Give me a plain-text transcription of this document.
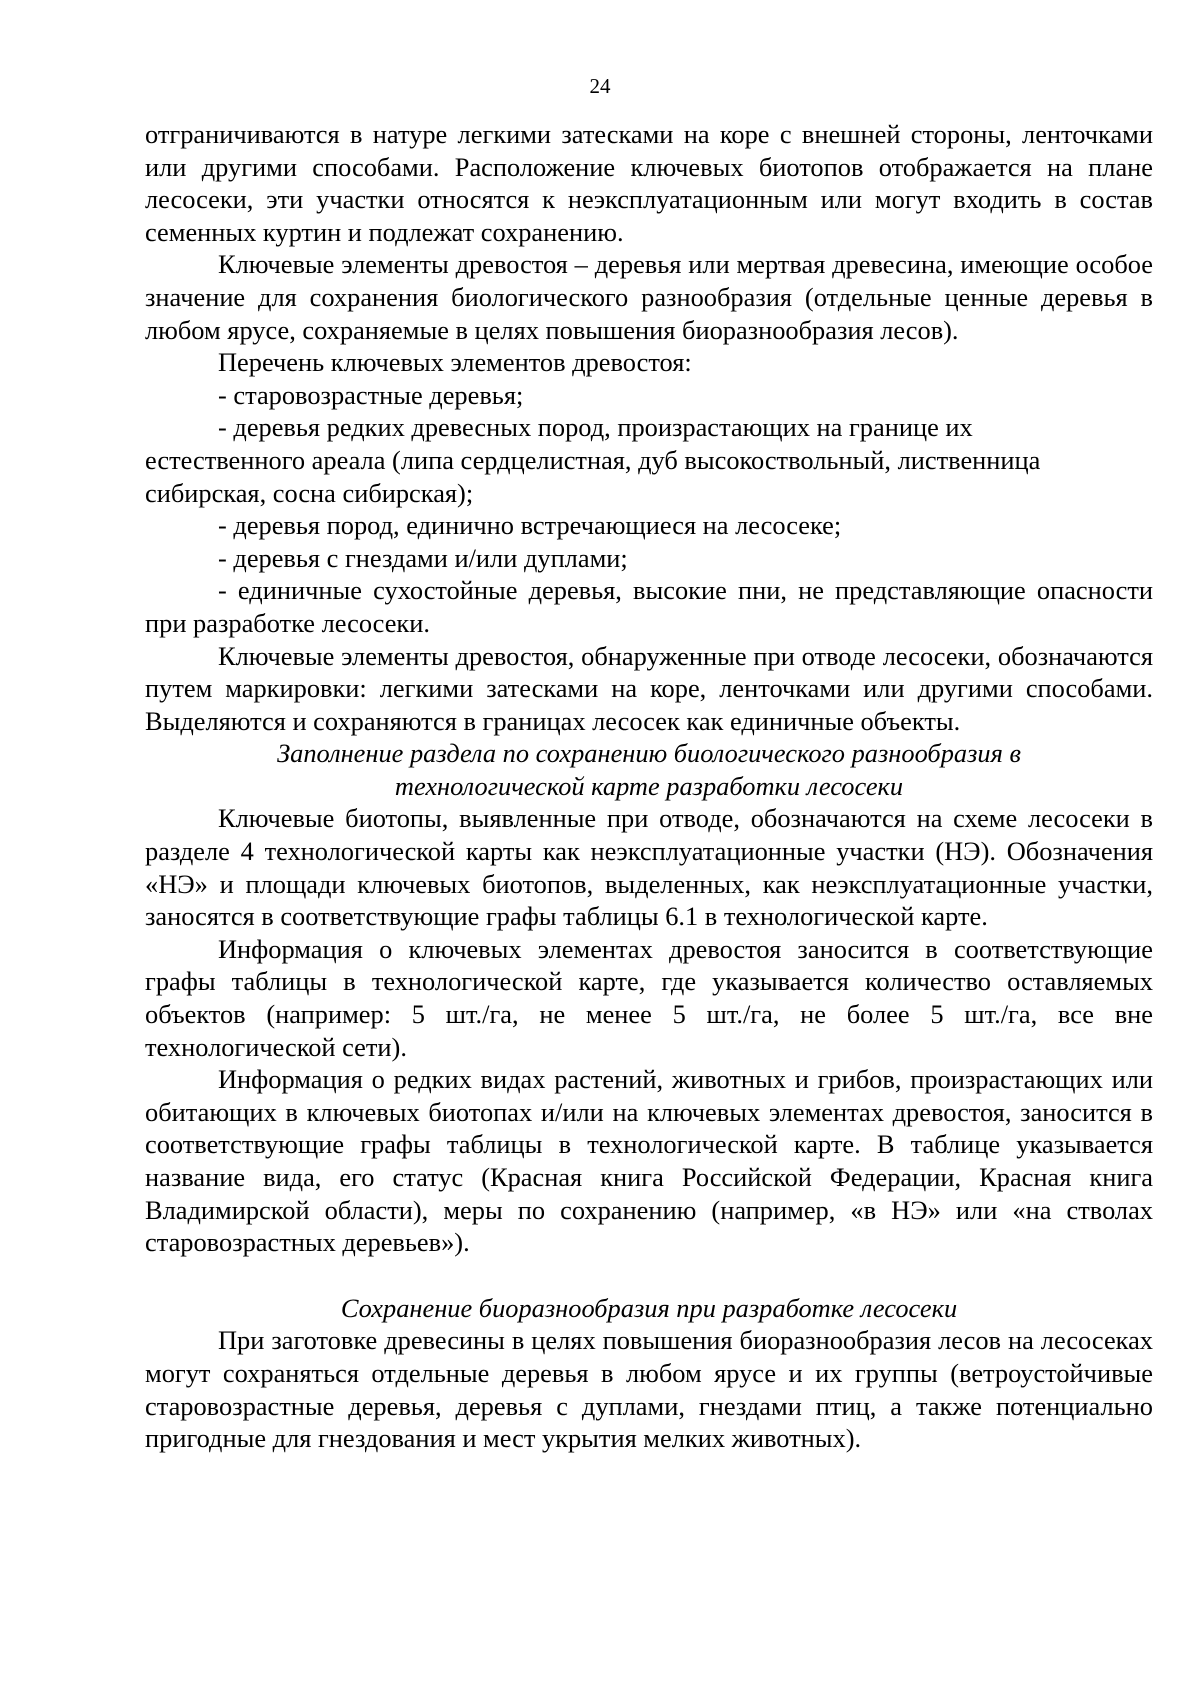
24

отграничиваются в натуре легкими затесками на коре с внешней стороны, ленточками или другими способами. Расположение ключевых биотопов отображается на плане лесосеки, эти участки относятся к неэксплуатационным или могут входить в состав семенных куртин и подлежат сохранению.

Ключевые элементы древостоя – деревья или мертвая древесина, имеющие особое значение для сохранения биологического разнообразия (отдельные ценные деревья в любом ярусе, сохраняемые в целях повышения биоразнообразия лесов).

Перечень ключевых элементов древостоя:

- старовозрастные деревья;

- деревья редких древесных пород, произрастающих на границе их
естественного ареала (липа сердцелистная, дуб высокоствольный, лиственница
сибирская, сосна сибирская);

- деревья пород, единично встречающиеся на лесосеке;

- деревья с гнездами и/или дуплами;

- единичные сухостойные деревья, высокие пни, не представляющие опасности при разработке лесосеки.

Ключевые элементы древостоя, обнаруженные при отводе лесосеки, обозначаются путем маркировки: легкими затесками на коре, ленточками или другими способами. Выделяются и сохраняются в границах лесосек как единичные объекты.

Заполнение раздела по сохранению биологического разнообразия в
технологической карте разработки лесосеки

Ключевые биотопы, выявленные при отводе, обозначаются на схеме лесосеки в разделе 4 технологической карты как неэксплуатационные участки (НЭ). Обозначения «НЭ» и площади ключевых биотопов, выделенных, как неэксплуатационные участки, заносятся в соответствующие графы таблицы 6.1 в технологической карте.

Информация о ключевых элементах древостоя заносится в соответствующие графы таблицы в технологической карте, где указывается количество оставляемых объектов (например: 5 шт./га, не менее 5 шт./га, не более 5 шт./га, все вне технологической сети).

Информация о редких видах растений, животных и грибов, произрастающих или обитающих в ключевых биотопах и/или на ключевых элементах древостоя, заносится в соответствующие графы таблицы в технологической карте. В таблице указывается название вида, его статус (Красная книга Российской Федерации, Красная книга Владимирской области), меры по сохранению (например, «в НЭ» или «на стволах старовозрастных деревьев»).

Сохранение биоразнообразия при разработке лесосеки

При заготовке древесины в целях повышения биоразнообразия лесов на лесосеках могут сохраняться отдельные деревья в любом ярусе и их группы (ветроустойчивые старовозрастные деревья, деревья с дуплами, гнездами птиц, а также потенциально пригодные для гнездования и мест укрытия мелких животных).
